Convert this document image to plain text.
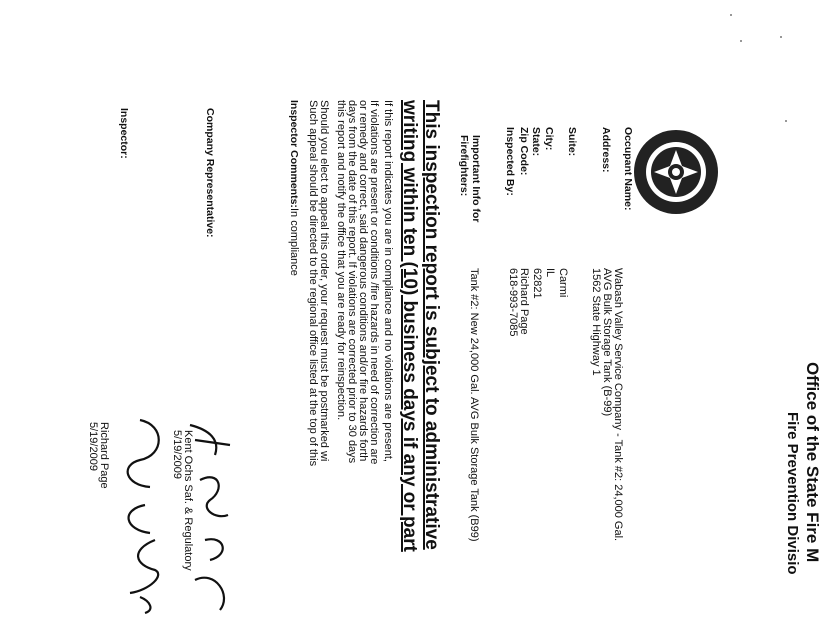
Office of the State Fire M
Fire Prevention Divisio
Occupant Name:
Address:
Suite:
City:
State:
Zip Code:
Inspected By:
Important Info for
Firefighters:
Wabash Valley Service Company - Tank #2: 24,000 Gal.
AVG Bulk Storage Tank (B-99)
1562 State Highway 1
Carmi
IL
62821
Richard Page
618-993-7085
Tank #2: New 24,000 Gal. AVG Bulk Storage Tank (B99)
This inspection report is subject to administrative
writing within ten (10) business days if any or part
If this report indicates you are in compliance and no violations are present,
If violations are present or conditions /fire hazards in need of correction are
or remedy and correct, said dangerous conditions and/or fire hazards forth
days from the date of this report. If violations are corrected prior to 30 days
this report and notify the office that you are ready for reinspection.
Should you elect to appeal this order, your request must be postmarked wi
Such appeal should be directed to the regional office listed at the top of this
Inspector Comments:
In compliance
Company Representative:
Kent Ochs Saf. & Regulatory
5/19/2009
Inspector:
Richard Page
5/19/2009
